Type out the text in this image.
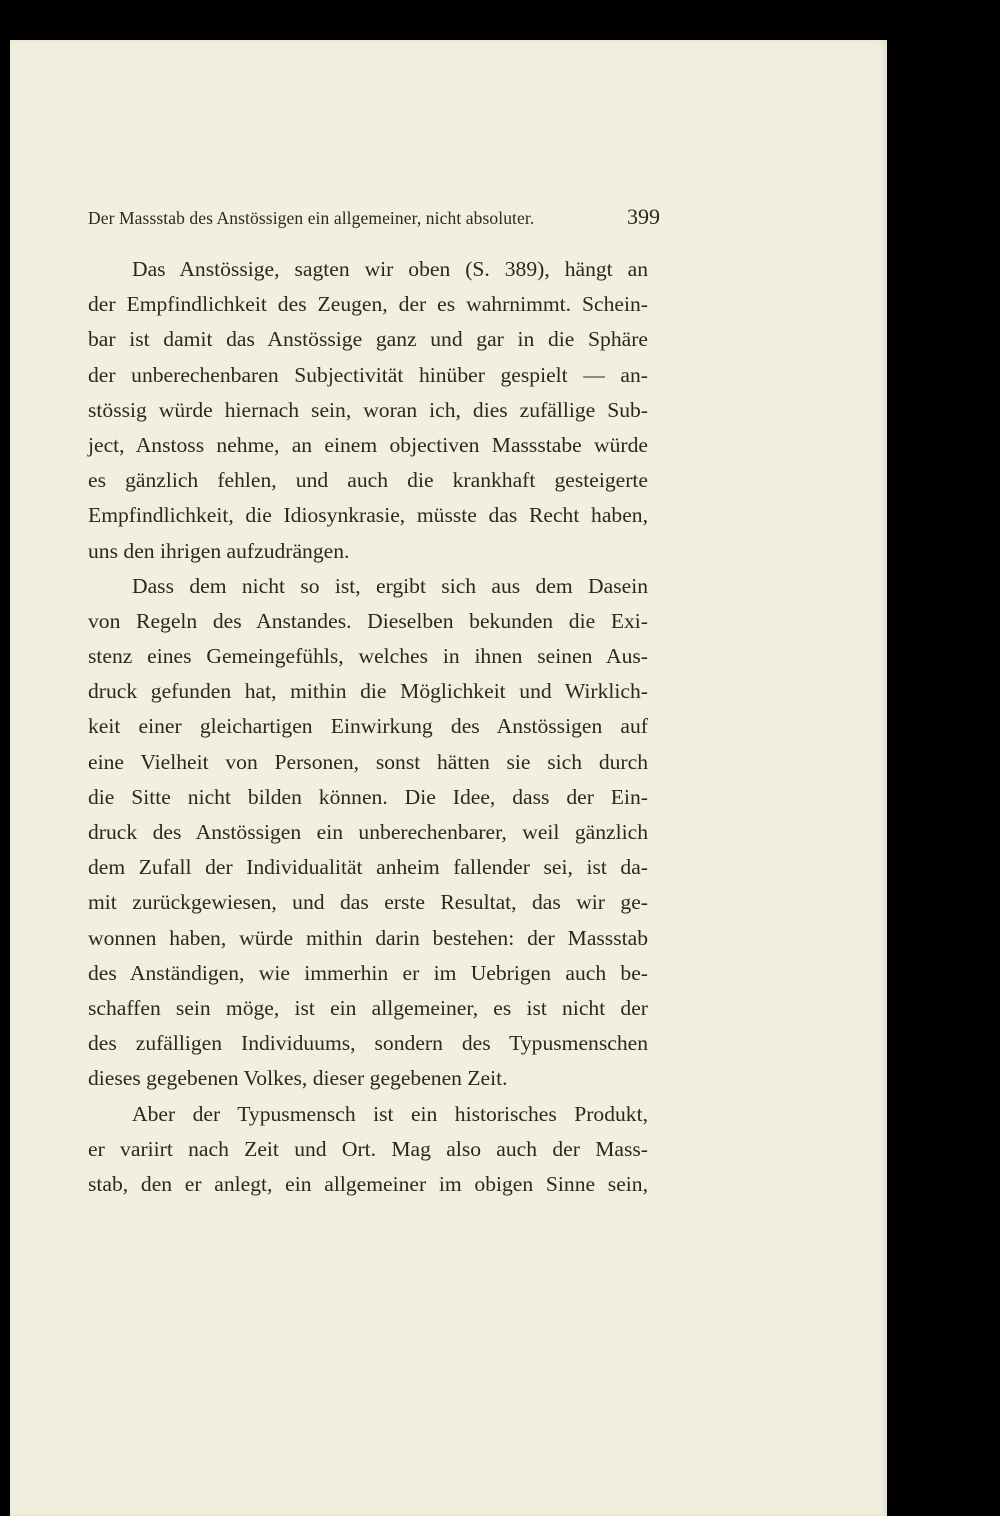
Der Massstab des Anstössigen ein allgemeiner, nicht absoluter.	399
Das Anstössige, sagten wir oben (S. 389), hängt an
der Empfindlichkeit des Zeugen, der es wahrnimmt. Schein-
bar ist damit das Anstössige ganz und gar in die Sphäre
der unberechenbaren Subjectivität hinüber gespielt — an-
stössig würde hiernach sein, woran ich, dies zufällige Sub-
ject, Anstoss nehme, an einem objectiven Massstabe würde
es gänzlich fehlen, und auch die krankhaft gesteigerte
Empfindlichkeit, die Idiosynkrasie, müsste das Recht haben,
uns den ihrigen aufzudrängen.
Dass dem nicht so ist, ergibt sich aus dem Dasein
von Regeln des Anstandes. Dieselben bekunden die Exi-
stenz eines Gemeingefühls, welches in ihnen seinen Aus-
druck gefunden hat, mithin die Möglichkeit und Wirklich-
keit einer gleichartigen Einwirkung des Anstössigen auf
eine Vielheit von Personen, sonst hätten sie sich durch
die Sitte nicht bilden können. Die Idee, dass der Ein-
druck des Anstössigen ein unberechenbarer, weil gänzlich
dem Zufall der Individualität anheim fallender sei, ist da-
mit zurückgewiesen, und das erste Resultat, das wir ge-
wonnen haben, würde mithin darin bestehen: der Massstab
des Anständigen, wie immerhin er im Uebrigen auch be-
schaffen sein möge, ist ein allgemeiner, es ist nicht der
des zufälligen Individuums, sondern des Typusmenschen
dieses gegebenen Volkes, dieser gegebenen Zeit.
Aber der Typusmensch ist ein historisches Produkt,
er variirt nach Zeit und Ort. Mag also auch der Mass-
stab, den er anlegt, ein allgemeiner im obigen Sinne sein,
